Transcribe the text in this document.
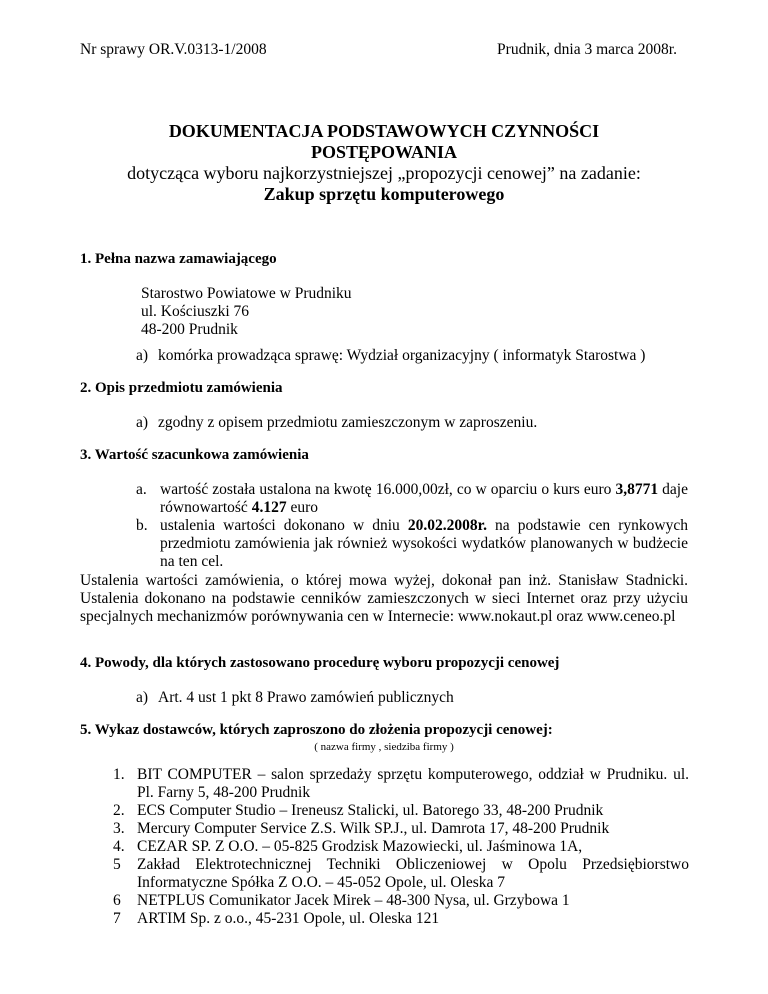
Nr sprawy OR.V.0313-1/2008	Prudnik, dnia 3 marca 2008r.
DOKUMENTACJA PODSTAWOWYCH CZYNNOŚCI
POSTĘPOWANIA
dotycząca wyboru najkorzystniejszej „propozycji cenowej” na zadanie:
Zakup sprzętu komputerowego
1. Pełna nazwa zamawiającego
Starostwo Powiatowe w Prudniku
ul. Kościuszki 76
48-200 Prudnik
a) komórka prowadząca sprawę: Wydział organizacyjny ( informatyk Starostwa )
2. Opis przedmiotu zamówienia
a) zgodny z opisem przedmiotu zamieszczonym w zaproszeniu.
3. Wartość szacunkowa zamówienia
a. wartość została ustalona na kwotę 16.000,00zł, co w oparciu o kurs euro 3,8771 daje równowartość 4.127 euro
b. ustalenia wartości dokonano w dniu 20.02.2008r. na podstawie cen rynkowych przedmiotu zamówienia jak również wysokości wydatków planowanych w budżecie na ten cel.
Ustalenia wartości zamówienia, o której mowa wyżej, dokonał pan inż. Stanisław Stadnicki. Ustalenia dokonano na podstawie cenników zamieszczonych w sieci Internet oraz przy użyciu specjalnych mechanizmów porównywania cen w Internecie: www.nokaut.pl oraz www.ceneo.pl
4. Powody, dla których zastosowano procedurę wyboru propozycji cenowej
a) Art. 4 ust 1 pkt 8 Prawo zamówień publicznych
5. Wykaz dostawców, których zaproszono do złożenia propozycji cenowej:
( nazwa firmy , siedziba firmy )
1. BIT COMPUTER – salon sprzedaży sprzętu komputerowego, oddział w Prudniku. ul. Pl. Farny 5, 48-200 Prudnik
2. ECS Computer Studio – Ireneusz Stalicki, ul. Batorego 33, 48-200 Prudnik
3. Mercury Computer Service Z.S. Wilk SP.J., ul. Damrota 17, 48-200 Prudnik
4. CEZAR SP. Z O.O. – 05-825 Grodzisk Mazowiecki, ul. Jaśminowa 1A,
5	Zakład Elektrotechnicznej Techniki Obliczeniowej w Opolu Przedsiębiorstwo Informatyczne Spółka Z O.O. – 45-052 Opole, ul. Oleska 7
6	NETPLUS Comunikator Jacek Mirek – 48-300 Nysa, ul. Grzybowa 1
7	ARTIM Sp. z o.o., 45-231 Opole, ul. Oleska 121
